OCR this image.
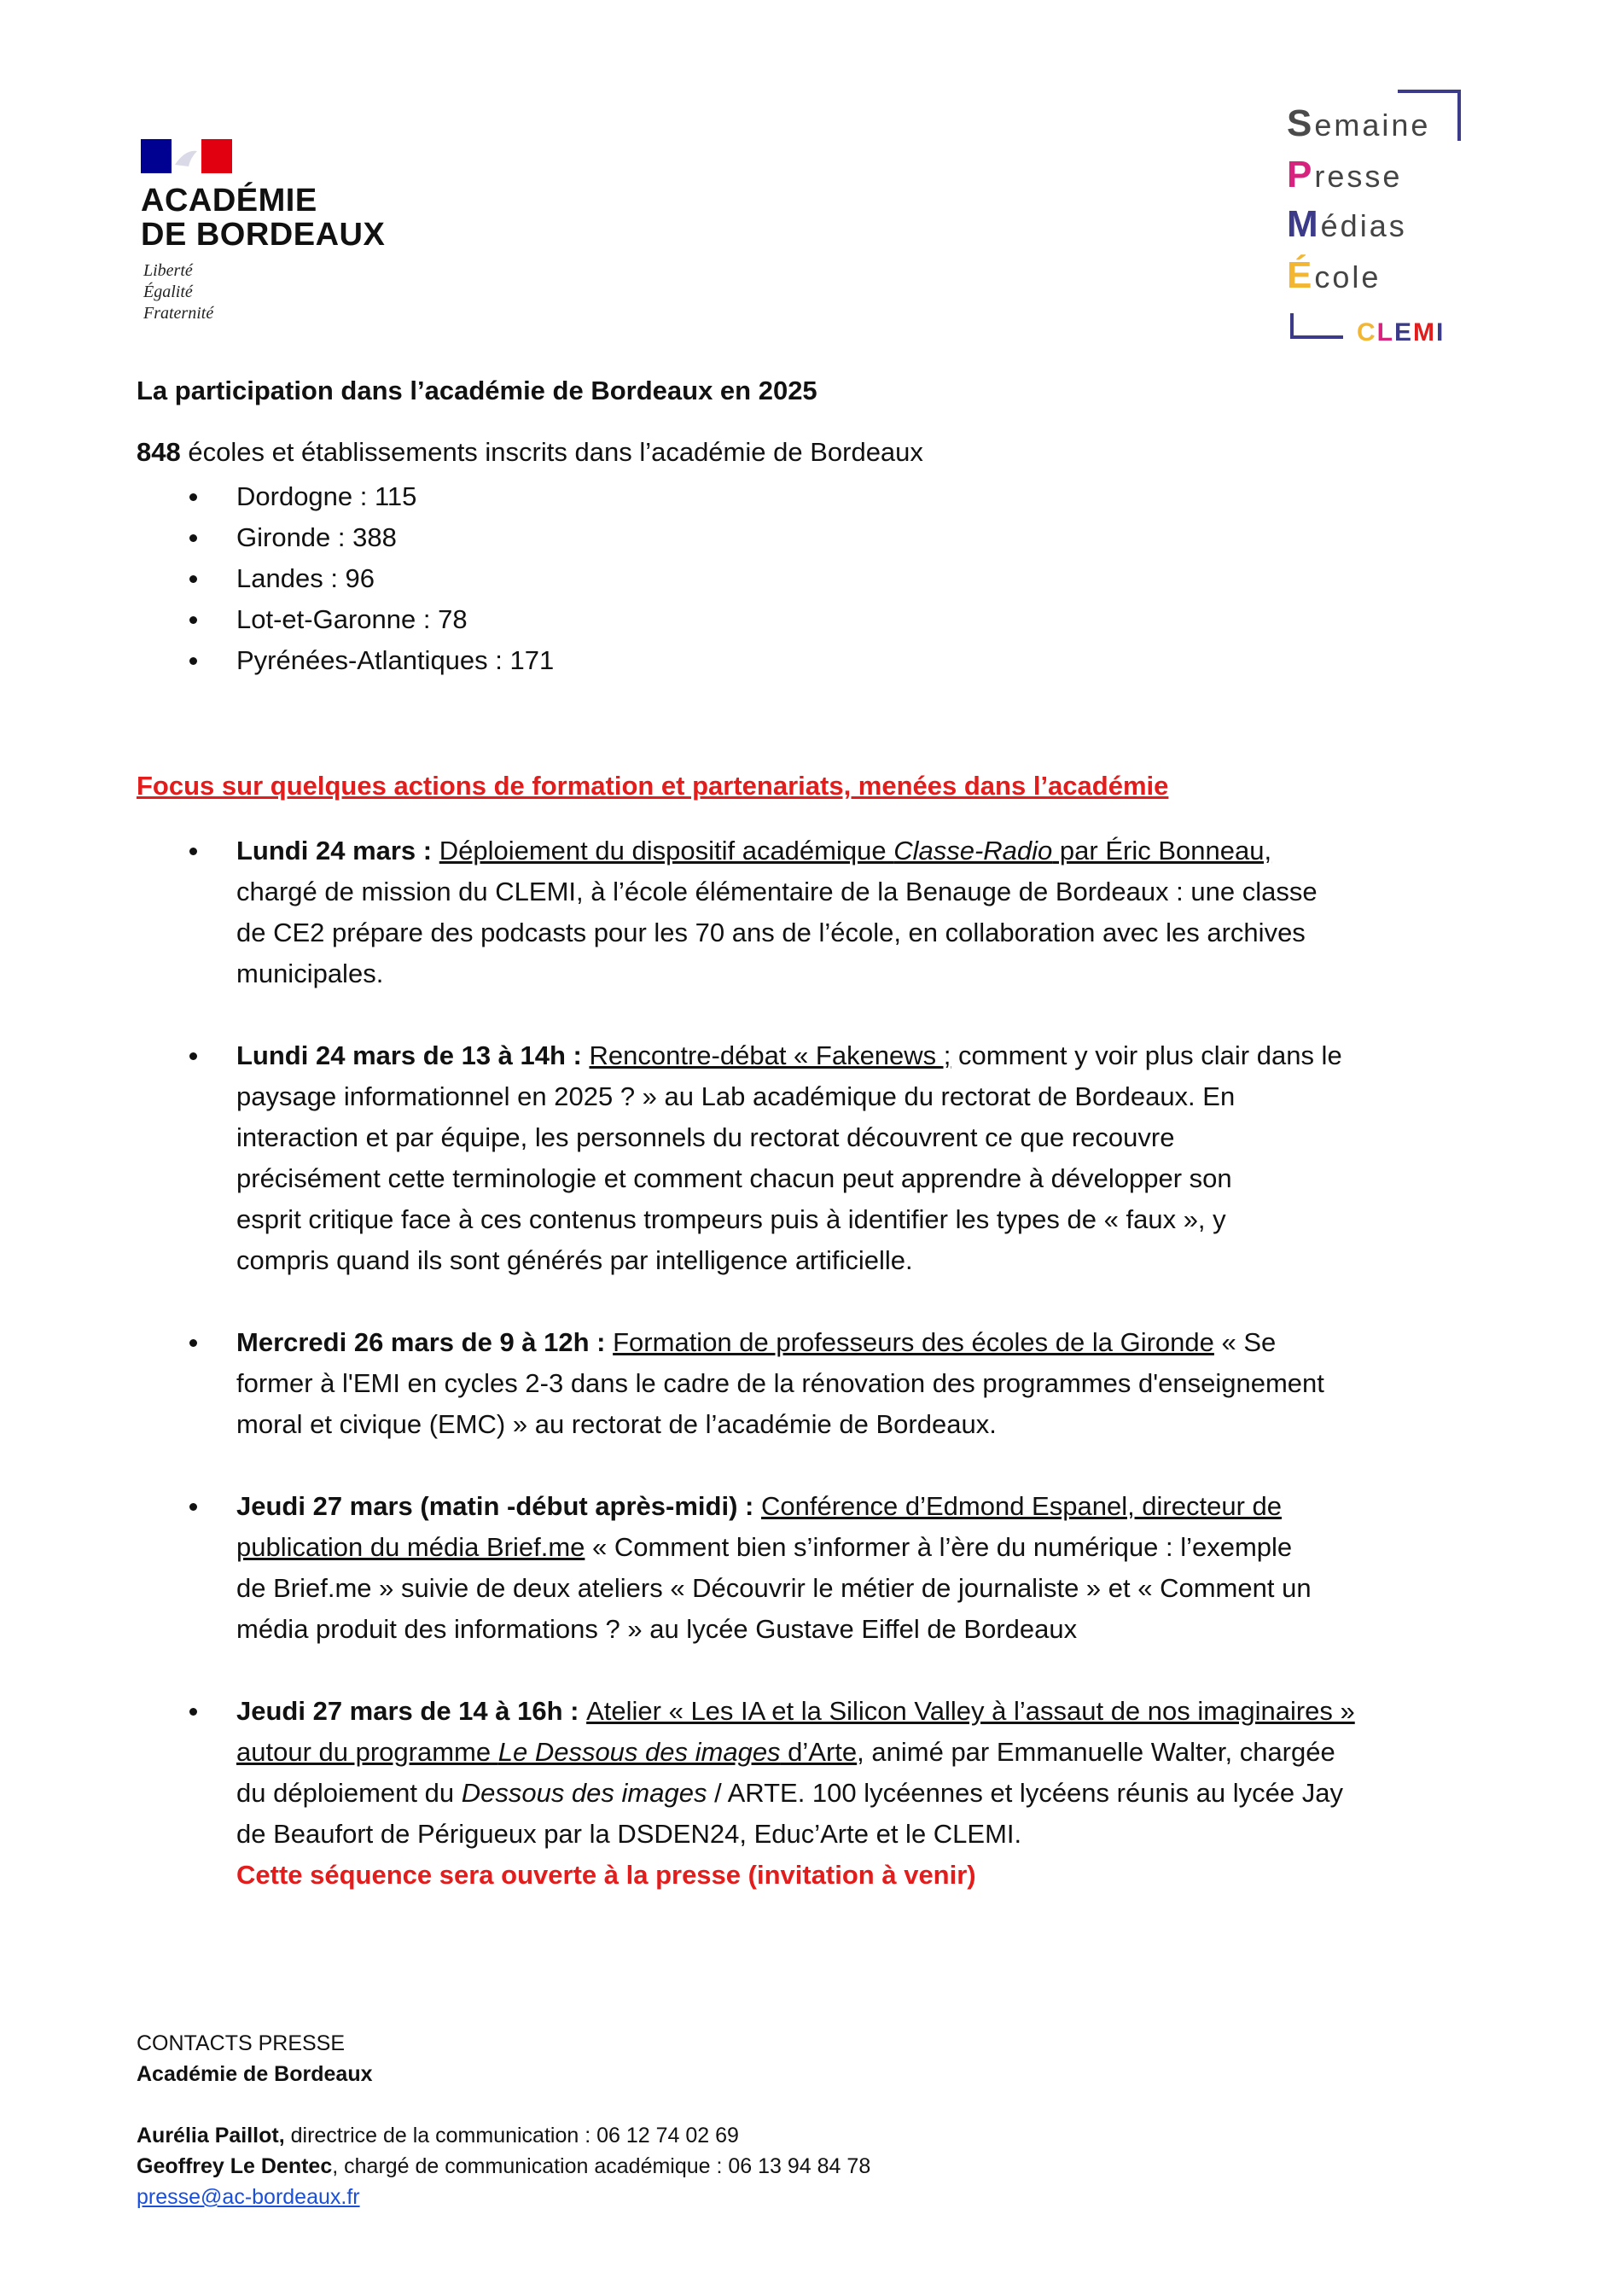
ACADÉMIE
DE BORDEAUX
Liberté
Égalité
Fraternité
Semaine
Presse
Médias
École
CLEMI
La participation dans l’académie de Bordeaux en 2025
848 écoles et établissements inscrits dans l’académie de Bordeaux
Dordogne : 115
Gironde : 388
Landes : 96
Lot-et-Garonne : 78
Pyrénées-Atlantiques : 171
Focus sur quelques actions de formation et partenariats, menées dans l’académie
Lundi 24 mars : Déploiement du dispositif académique Classe-Radio par Éric Bonneau,
chargé de mission du CLEMI, à l’école élémentaire de la Benauge de Bordeaux : une classe
de CE2 prépare des podcasts pour les 70 ans de l’école, en collaboration avec les archives
municipales.
Lundi 24 mars de 13 à 14h : Rencontre-débat « Fakenews ; comment y voir plus clair dans le
paysage informationnel en 2025 ? » au Lab académique du rectorat de Bordeaux. En
interaction et par équipe, les personnels du rectorat découvrent ce que recouvre
précisément cette terminologie et comment chacun peut apprendre à développer son
esprit critique face à ces contenus trompeurs puis à identifier les types de « faux », y
compris quand ils sont générés par intelligence artificielle.
Mercredi 26 mars de 9 à 12h : Formation de professeurs des écoles de la Gironde « Se
former à l'EMI en cycles 2-3 dans le cadre de la rénovation des programmes d'enseignement
moral et civique (EMC) » au rectorat de l’académie de Bordeaux.
Jeudi 27 mars (matin -début après-midi) : Conférence d’Edmond Espanel, directeur de
publication du média Brief.me « Comment bien s’informer à l’ère du numérique : l’exemple
de Brief.me » suivie de deux ateliers « Découvrir le métier de journaliste » et « Comment un
média produit des informations ? » au lycée Gustave Eiffel de Bordeaux
Jeudi 27 mars de 14 à 16h : Atelier « Les IA et la Silicon Valley à l’assaut de nos imaginaires »
autour du programme Le Dessous des images d’Arte, animé par Emmanuelle Walter, chargée
du déploiement du Dessous des images / ARTE. 100 lycéennes et lycéens réunis au lycée Jay
de Beaufort de Périgueux par la DSDEN24, Educ’Arte et le CLEMI.
Cette séquence sera ouverte à la presse (invitation à venir)
CONTACTS PRESSE
Académie de Bordeaux
Aurélia Paillot, directrice de la communication : 06 12 74 02 69
Geoffrey Le Dentec, chargé de communication académique : 06 13 94 84 78
presse@ac-bordeaux.fr
